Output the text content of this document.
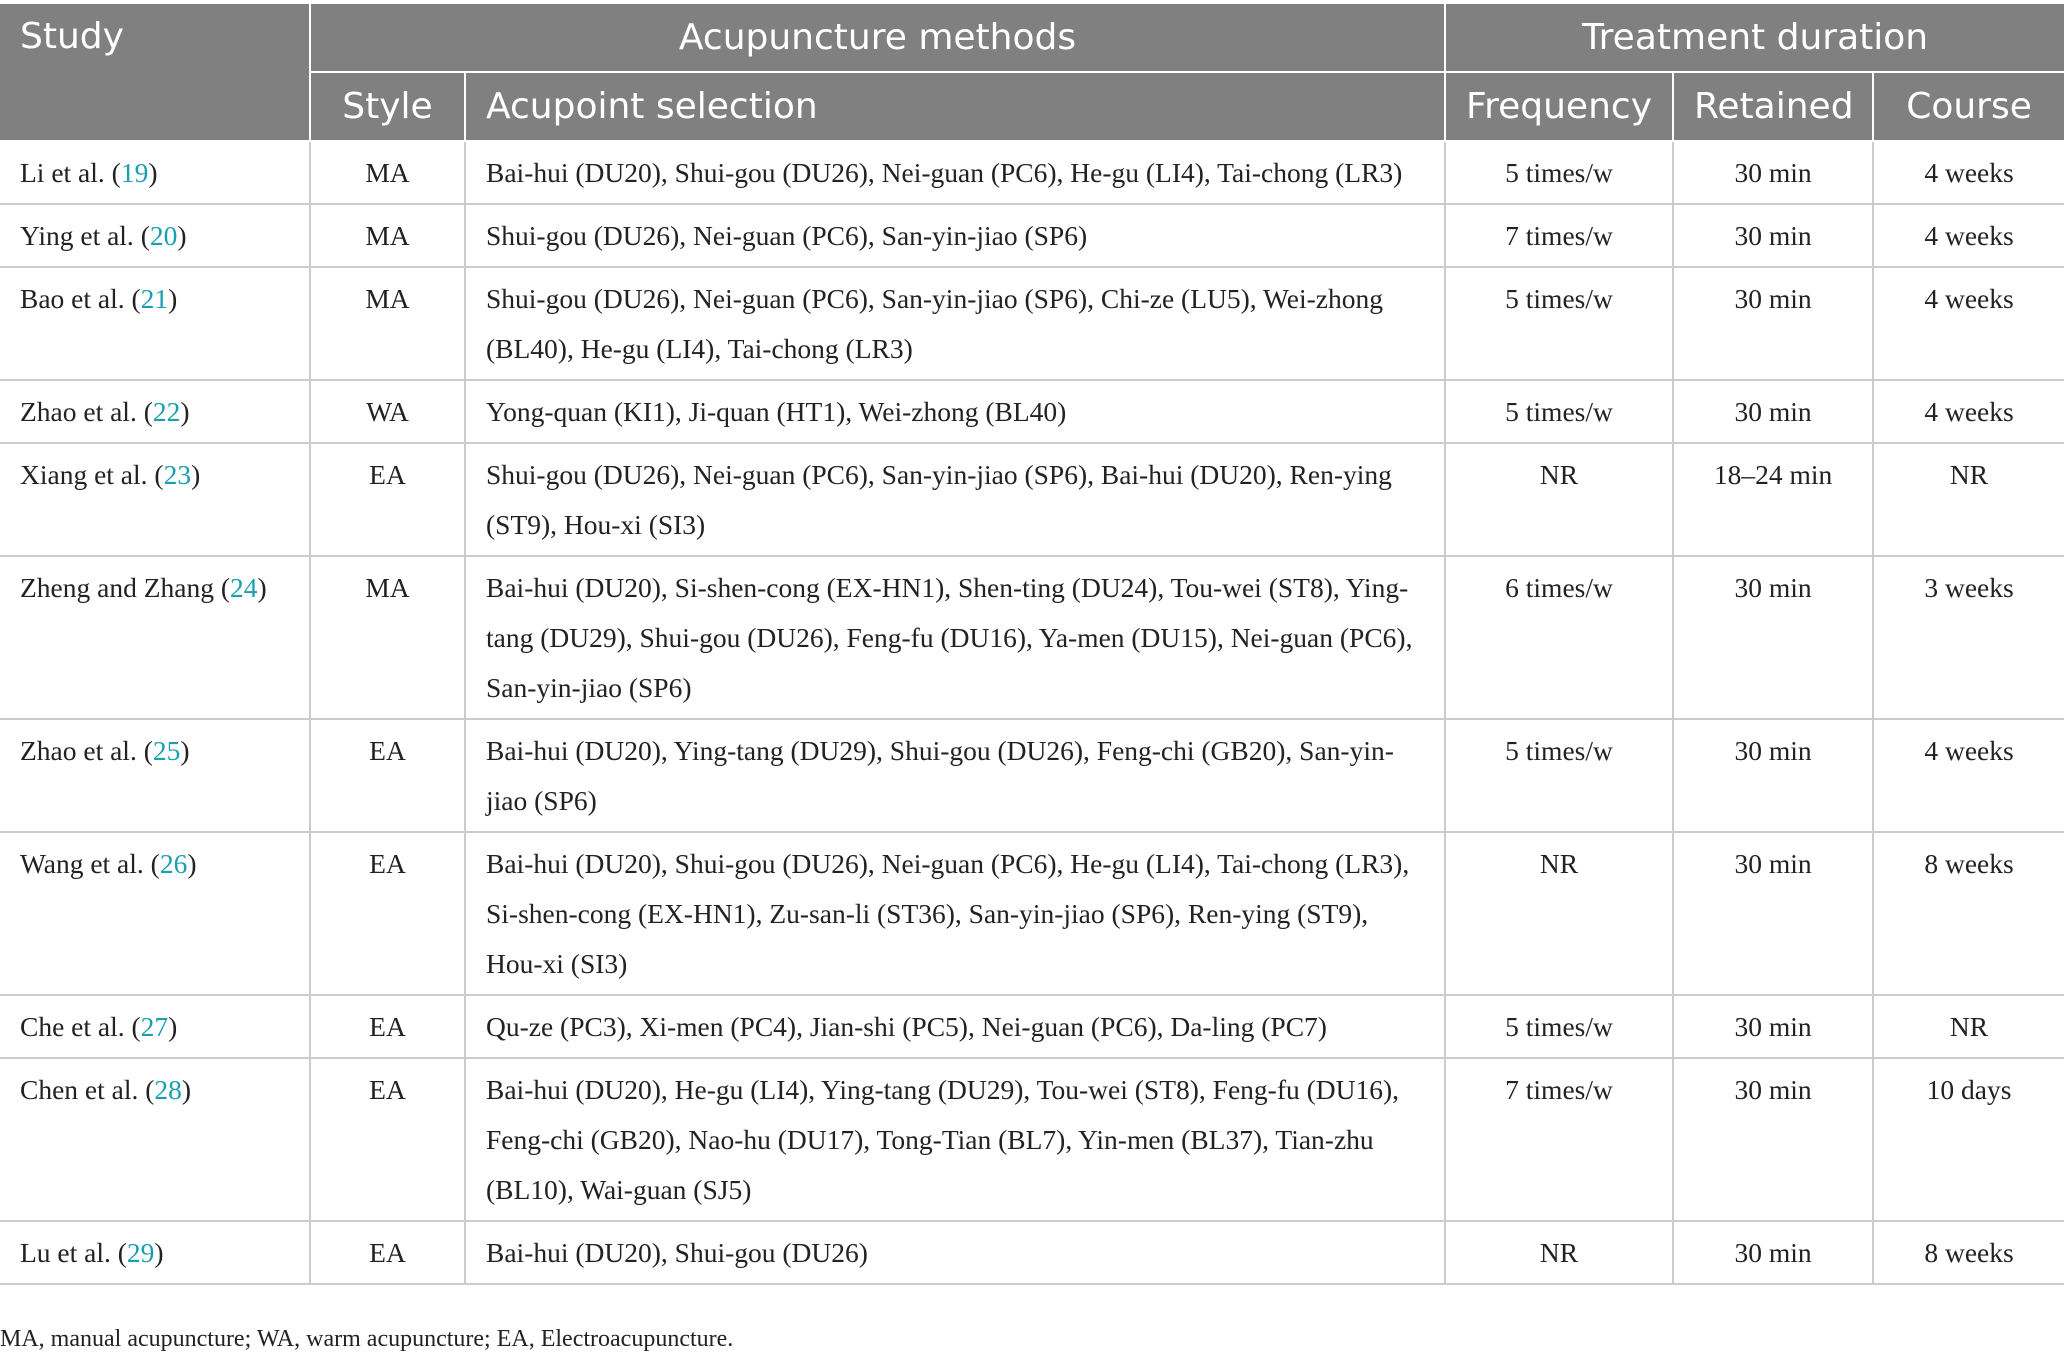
Study	Acupuncture methods		Treatment duration		
	Style	Acupoint selection	Frequency	Retained	Course
Li et al. (19)	MA	Bai-hui (DU20), Shui-gou (DU26), Nei-guan (PC6), He-gu (LI4), Tai-chong (LR3)	5 times/w	30 min	4 weeks
Ying et al. (20)	MA	Shui-gou (DU26), Nei-guan (PC6), San-yin-jiao (SP6)	7 times/w	30 min	4 weeks
Bao et al. (21)	MA	Shui-gou (DU26), Nei-guan (PC6), San-yin-jiao (SP6), Chi-ze (LU5), Wei-zhong (BL40), He-gu (LI4), Tai-chong (LR3)	5 times/w	30 min	4 weeks
Zhao et al. (22)	WA	Yong-quan (KI1), Ji-quan (HT1), Wei-zhong (BL40)	5 times/w	30 min	4 weeks
Xiang et al. (23)	EA	Shui-gou (DU26), Nei-guan (PC6), San-yin-jiao (SP6), Bai-hui (DU20), Ren-ying (ST9), Hou-xi (SI3)	NR	18–24 min	NR
Zheng and Zhang (24)	MA	Bai-hui (DU20), Si-shen-cong (EX-HN1), Shen-ting (DU24), Tou-wei (ST8), Ying-tang (DU29), Shui-gou (DU26), Feng-fu (DU16), Ya-men (DU15), Nei-guan (PC6), San-yin-jiao (SP6)	6 times/w	30 min	3 weeks
Zhao et al. (25)	EA	Bai-hui (DU20), Ying-tang (DU29), Shui-gou (DU26), Feng-chi (GB20), San-yin-jiao (SP6)	5 times/w	30 min	4 weeks
Wang et al. (26)	EA	Bai-hui (DU20), Shui-gou (DU26), Nei-guan (PC6), He-gu (LI4), Tai-chong (LR3), Si-shen-cong (EX-HN1), Zu-san-li (ST36), San-yin-jiao (SP6), Ren-ying (ST9), Hou-xi (SI3)	NR	30 min	8 weeks
Che et al. (27)	EA	Qu-ze (PC3), Xi-men (PC4), Jian-shi (PC5), Nei-guan (PC6), Da-ling (PC7)	5 times/w	30 min	NR
Chen et al. (28)	EA	Bai-hui (DU20), He-gu (LI4), Ying-tang (DU29), Tou-wei (ST8), Feng-fu (DU16), Feng-chi (GB20), Nao-hu (DU17), Tong-Tian (BL7), Yin-men (BL37), Tian-zhu (BL10), Wai-guan (SJ5)	7 times/w	30 min	10 days
Lu et al. (29)	EA	Bai-hui (DU20), Shui-gou (DU26)	NR	30 min	8 weeks
MA, manual acupuncture; WA, warm acupuncture; EA, Electroacupuncture.
